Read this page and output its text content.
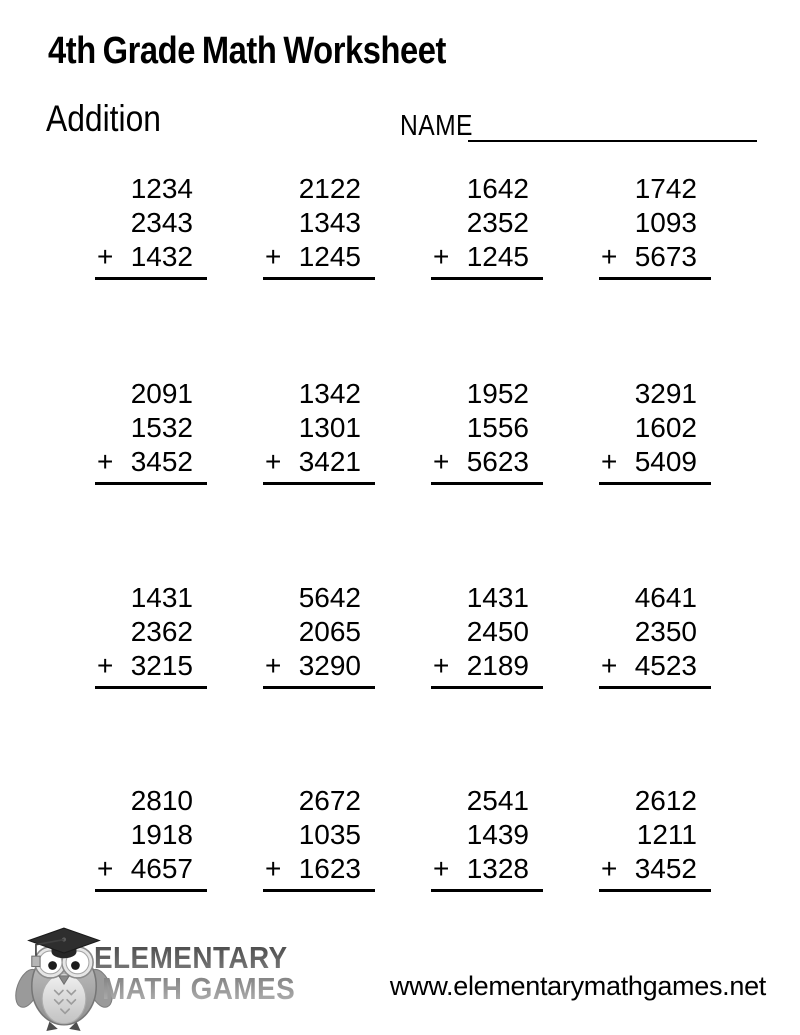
4th Grade Math Worksheet
Addition	NAME
1234
2343
+ 1432
2122
1343
+ 1245
1642
2352
+ 1245
1742
1093
+ 5673
2091
1532
+ 3452
1342
1301
+ 3421
1952
1556
+ 5623
3291
1602
+ 5409
1431
2362
+ 3215
5642
2065
+ 3290
1431
2450
+ 2189
4641
2350
+ 4523
2810
1918
+ 4657
2672
1035
+ 1623
2541
1439
+ 1328
2612
1211
+ 3452
ELEMENTARY
MATH GAMES	www.elementarymathgames.net
